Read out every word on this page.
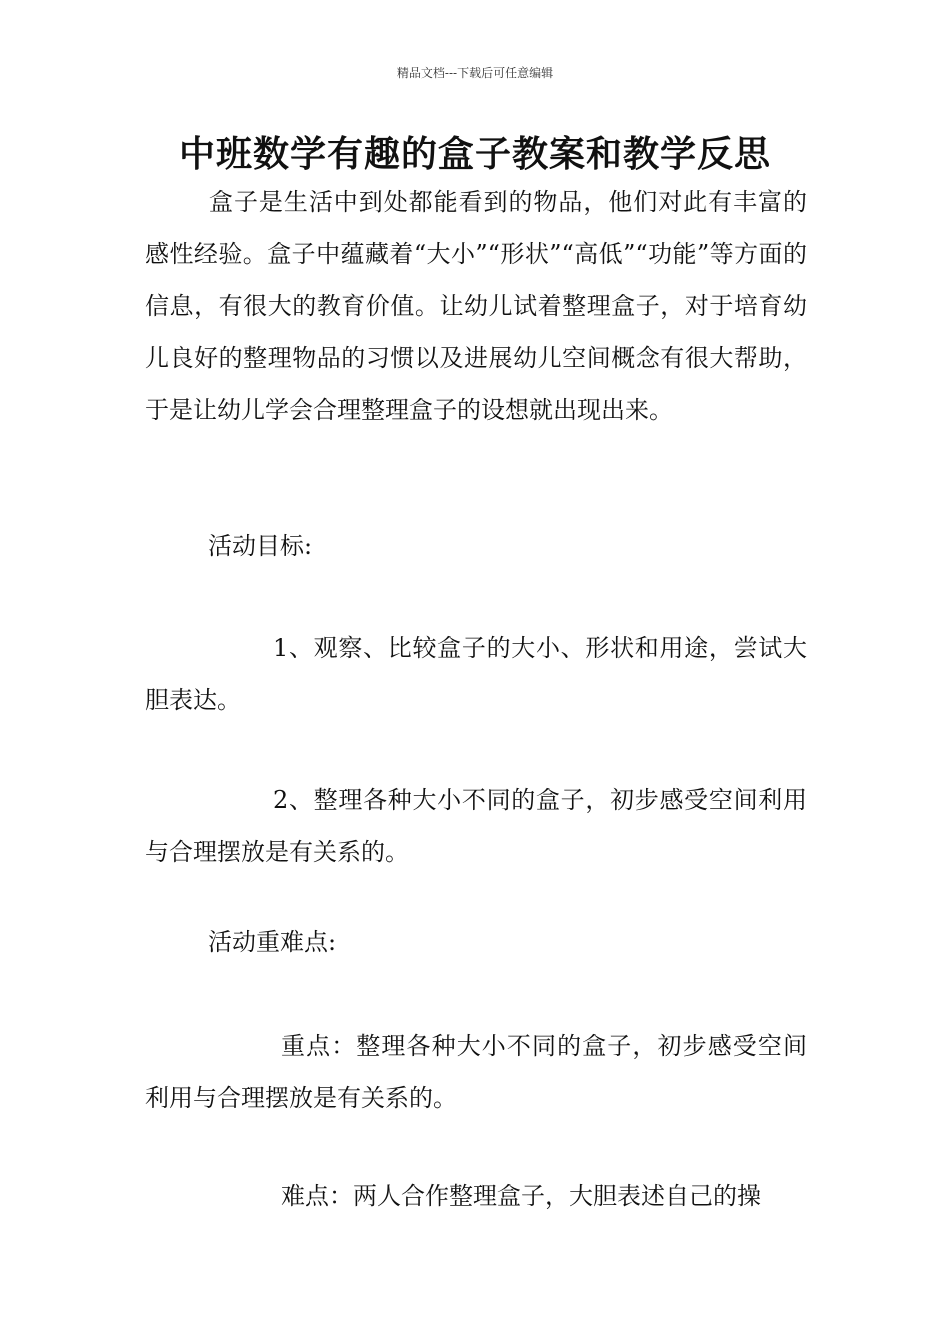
精品文档---下载后可任意编辑
中班数学有趣的盒子教案和教学反思

盒子是生活中到处都能看到的物品，他们对此有丰富的感性经验。盒子中蕴藏着“大小”“形状”“高低”“功能”等方面的信息，有很大的教育价值。让幼儿试着整理盒子，对于培育幼儿良好的整理物品的习惯以及进展幼儿空间概念有很大帮助，于是让幼儿学会合理整理盒子的设想就出现出来。

活动目标:

1、观察、比较盒子的大小、形状和用途，尝试大胆表达。

2、整理各种大小不同的盒子，初步感受空间利用与合理摆放是有关系的。

活动重难点:

重点：整理各种大小不同的盒子，初步感受空间利用与合理摆放是有关系的。

难点：两人合作整理盒子，大胆表述自己的操
